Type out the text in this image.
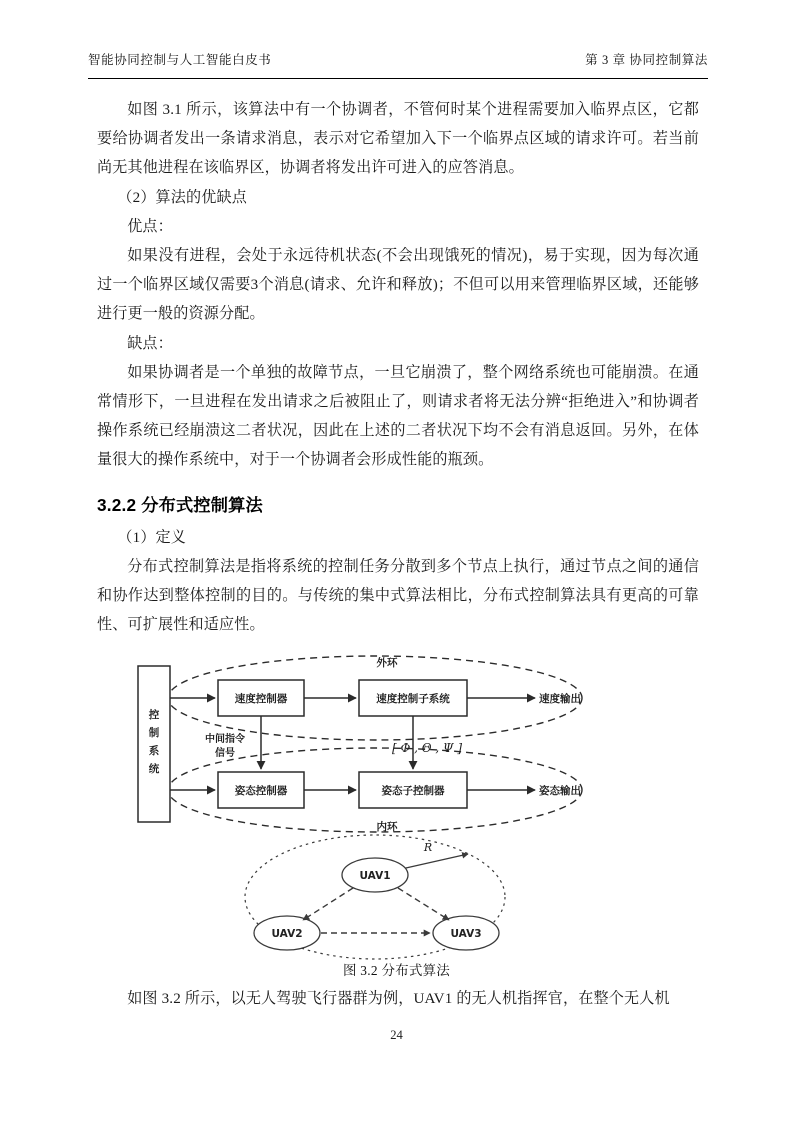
智能协同控制与人工智能白皮书	第 3 章 协同控制算法

如图 3.1 所示，该算法中有一个协调者，不管何时某个进程需要加入临界点区，它都要给协调者发出一条请求消息，表示对它希望加入下一个临界点区域的请求许可。若当前尚无其他进程在该临界区，协调者将发出许可进入的应答消息。

（2）算法的优缺点

优点：

如果没有进程，会处于永远待机状态(不会出现饿死的情况)，易于实现，因为每次通过一个临界区域仅需要3个消息(请求、允许和释放)；不但可以用来管理临界区域，还能够进行更一般的资源分配。

缺点：

如果协调者是一个单独的故障节点，一旦它崩溃了，整个网络系统也可能崩溃。在通常情形下，一旦进程在发出请求之后被阻止了，则请求者将无法分辨“拒绝进入”和协调者操作系统已经崩溃这二者状况，因此在上述的二者状况下均不会有消息返回。另外，在体量很大的操作系统中，对于一个协调者会形成性能的瓶颈。

3.2.2 分布式控制算法

（1）定义

分布式控制算法是指将系统的控制任务分散到多个节点上执行，通过节点之间的通信和协作达到整体控制的目的。与传统的集中式算法相比，分布式控制算法具有更高的可靠性、可扩展性和适应性。

外环
内环
控
制
系
统
速度控制器	速度控制子系统	速度输出
姿态控制器	姿态子控制器	姿态输出
中间指令
信号	[ Φ , Θ , Ψ ]
R
UAV1
UAV2	UAV3
图 3.2 分布式算法

如图 3.2 所示，以无人驾驶飞行器群为例，UAV1 的无人机指挥官，在整个无人机

24
